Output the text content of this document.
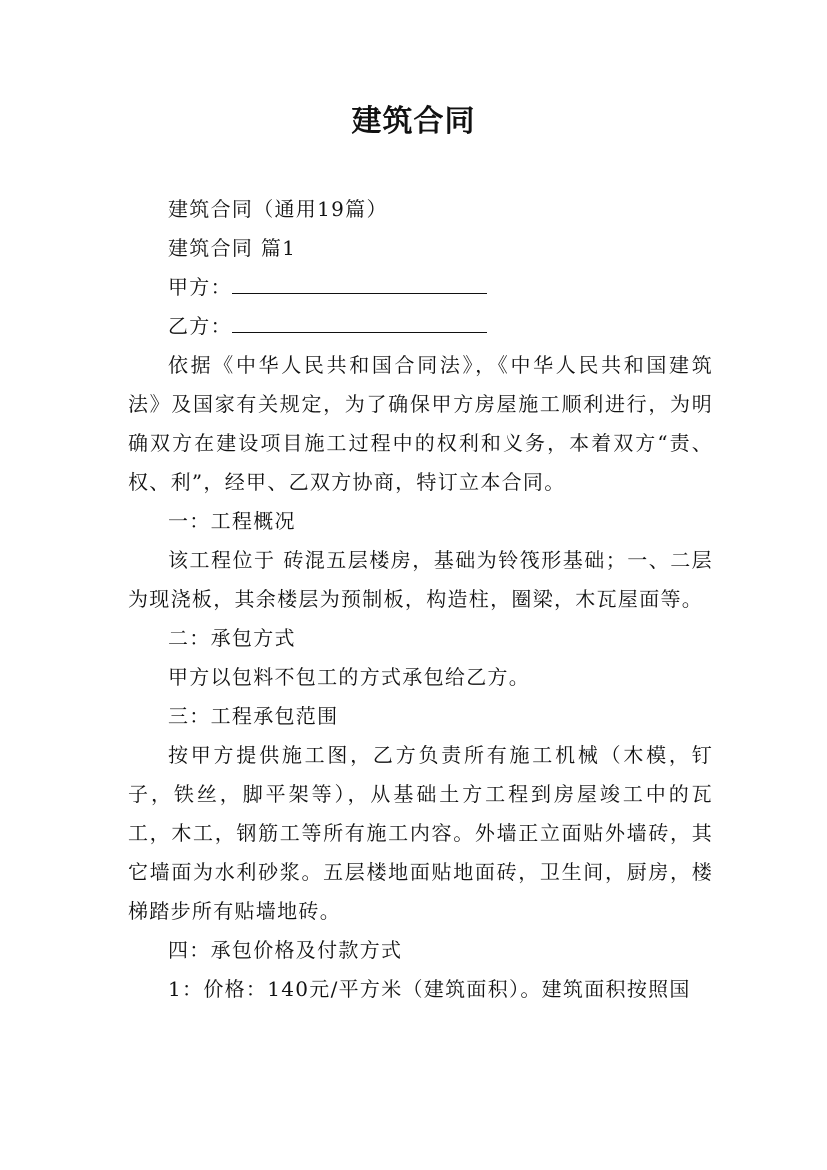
建筑合同

建筑合同（通用19篇）

建筑合同 篇1

甲方：

乙方：

依据《中华人民共和国合同法》，《中华人民共和国建筑法》及国家有关规定，为了确保甲方房屋施工顺利进行，为明确双方在建设项目施工过程中的权利和义务，本着双方“责、权、利”，经甲、乙双方协商，特订立本合同。

一：工程概况

该工程位于 砖混五层楼房，基础为铃筏形基础；一、二层为现浇板，其余楼层为预制板，构造柱，圈梁，木瓦屋面等。

二：承包方式

甲方以包料不包工的方式承包给乙方。

三：工程承包范围

按甲方提供施工图，乙方负责所有施工机械（木模，钉子，铁丝，脚平架等），从基础土方工程到房屋竣工中的瓦工，木工，钢筋工等所有施工内容。外墙正立面贴外墙砖，其它墙面为水利砂浆。五层楼地面贴地面砖，卫生间，厨房，楼梯踏步所有贴墙地砖。

四：承包价格及付款方式

1：价格：140元/平方米（建筑面积）。建筑面积按照国
